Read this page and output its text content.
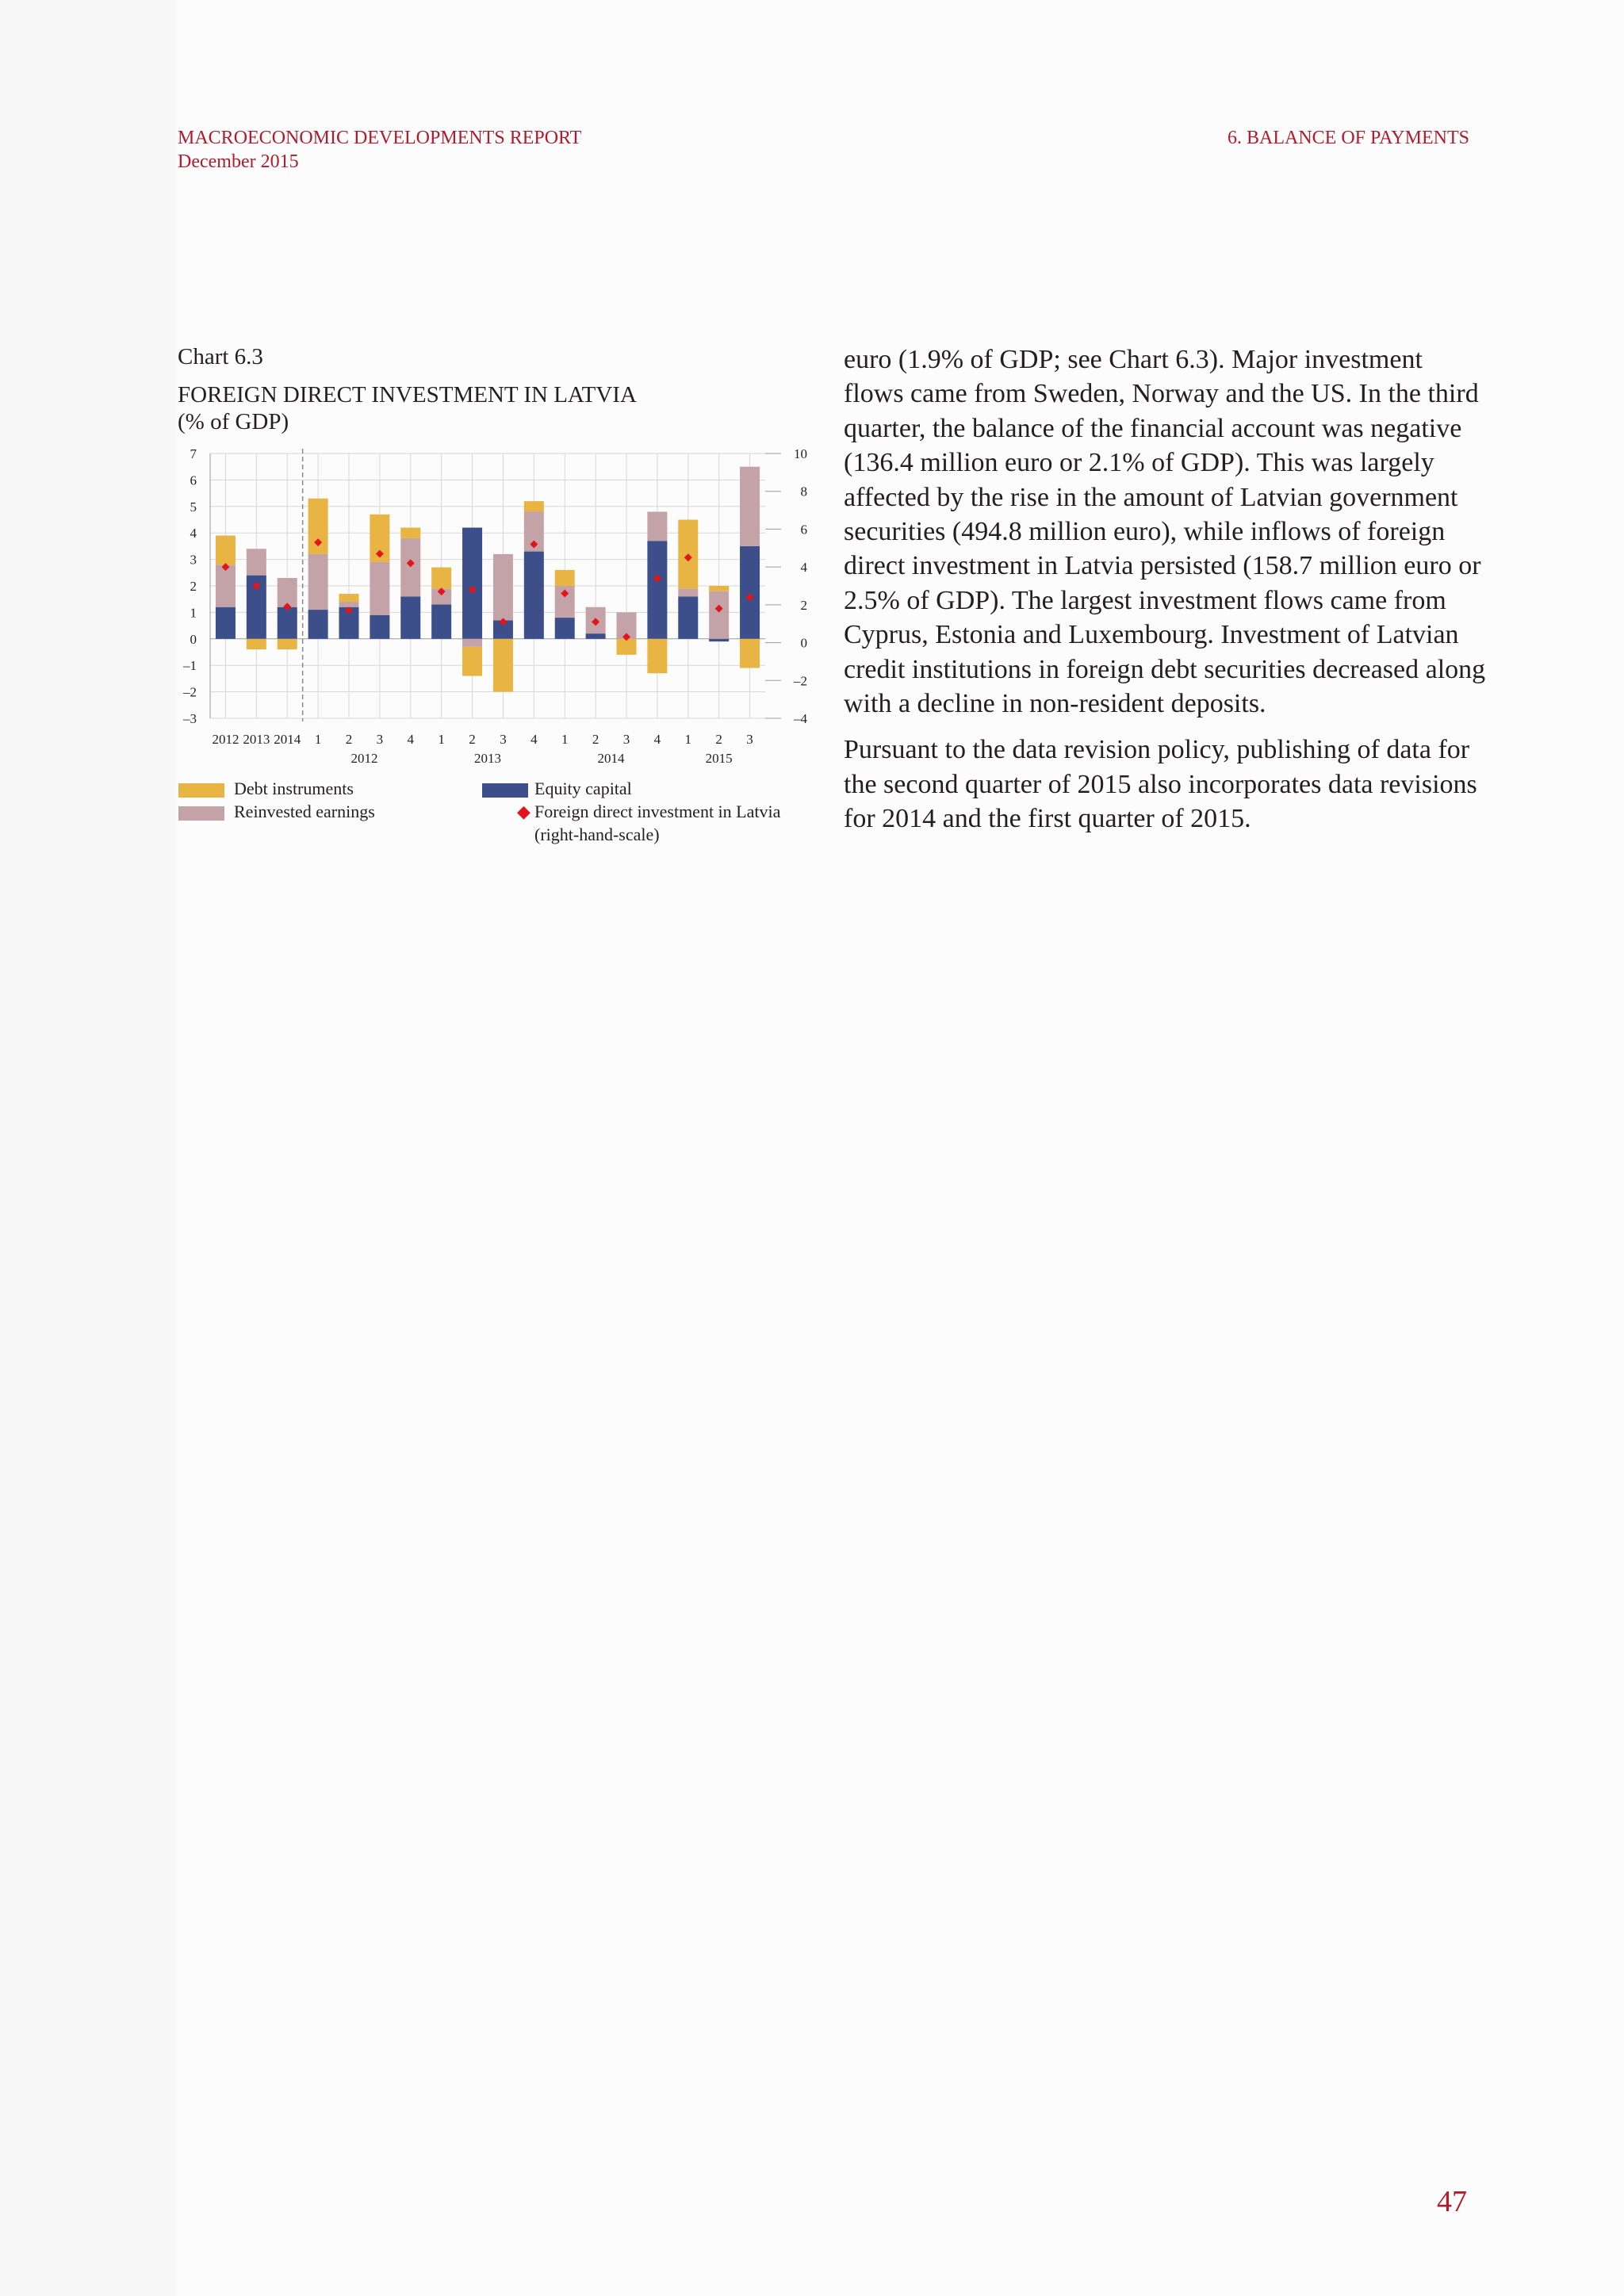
MACROECONOMIC DEVELOPMENTS REPORT
December 2015
6. BALANCE OF PAYMENTS
Chart 6.3
FOREIGN DIRECT INVESTMENT IN LATVIA
(% of GDP)
7
6
5
4
3
2
1
0
–1
–2
–3
10
8
6
4
2
0
–2
–4
2012 2013 2014 1 2 3 4 1 2 3 4 1 2 3 4 1 2 3
2012	2013	2014	2015
Debt instruments
Reinvested earnings
Equity capital
◆ Foreign direct investment in Latvia
(right-hand-scale)

euro (1.9% of GDP; see Chart 6.3). Major investment flows came from Sweden, Norway and the US. In the third quarter, the balance of the financial account was negative (136.4 million euro or 2.1% of GDP). This was largely affected by the rise in the amount of Latvian government securities (494.8 million euro), while inflows of foreign direct investment in Latvia persisted (158.7 million euro or 2.5% of GDP). The largest investment flows came from Cyprus, Estonia and Luxembourg. Investment of Latvian credit institutions in foreign debt securities decreased along with a decline in non-resident deposits.

Pursuant to the data revision policy, publishing of data for the second quarter of 2015 also incorporates data revisions for 2014 and the first quarter of 2015.

47
